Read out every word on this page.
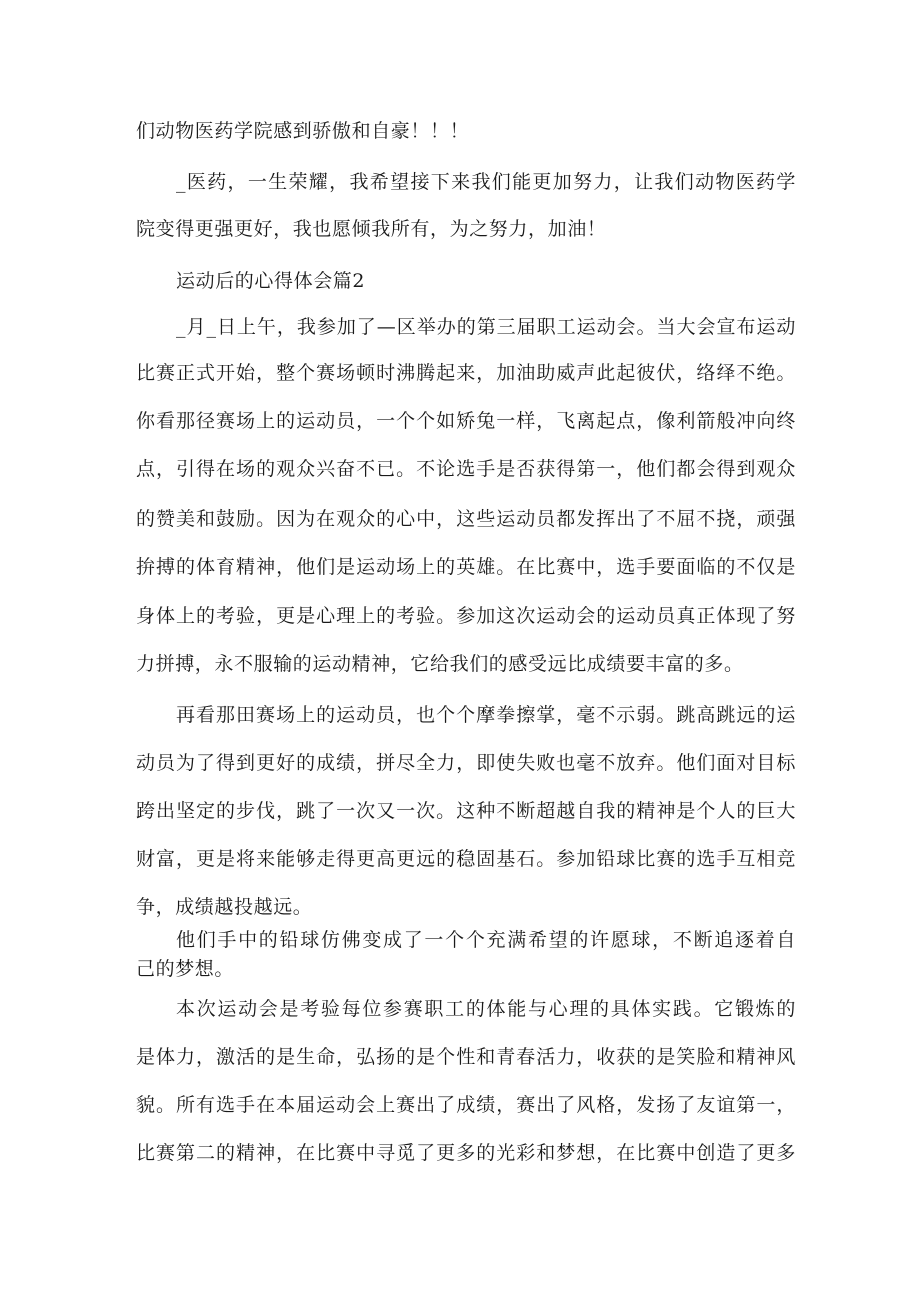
们动物医药学院感到骄傲和自豪！！！
_医药，一生荣耀，我希望接下来我们能更加努力，让我们动物医药学
院变得更强更好，我也愿倾我所有，为之努力，加油！
运动后的心得体会篇2
_月_日上午，我参加了—区举办的第三届职工运动会。当大会宣布运动
比赛正式开始，整个赛场顿时沸腾起来，加油助威声此起彼伏，络绎不绝。
你看那径赛场上的运动员，一个个如矫兔一样，飞离起点，像利箭般冲向终
点，引得在场的观众兴奋不已。不论选手是否获得第一，他们都会得到观众
的赞美和鼓励。因为在观众的心中，这些运动员都发挥出了不屈不挠，顽强
拚搏的体育精神，他们是运动场上的英雄。在比赛中，选手要面临的不仅是
身体上的考验，更是心理上的考验。参加这次运动会的运动员真正体现了努
力拼搏，永不服输的运动精神，它给我们的感受远比成绩要丰富的多。
再看那田赛场上的运动员，也个个摩拳擦掌，毫不示弱。跳高跳远的运
动员为了得到更好的成绩，拼尽全力，即使失败也毫不放弃。他们面对目标
跨出坚定的步伐，跳了一次又一次。这种不断超越自我的精神是个人的巨大
财富，更是将来能够走得更高更远的稳固基石。参加铅球比赛的选手互相竞
争，成绩越投越远。
他们手中的铅球仿佛变成了一个个充满希望的许愿球，不断追逐着自
己的梦想。
本次运动会是考验每位参赛职工的体能与心理的具体实践。它锻炼的
是体力，激活的是生命，弘扬的是个性和青春活力，收获的是笑脸和精神风
貌。所有选手在本届运动会上赛出了成绩，赛出了风格，发扬了友谊第一，
比赛第二的精神，在比赛中寻觅了更多的光彩和梦想，在比赛中创造了更多
